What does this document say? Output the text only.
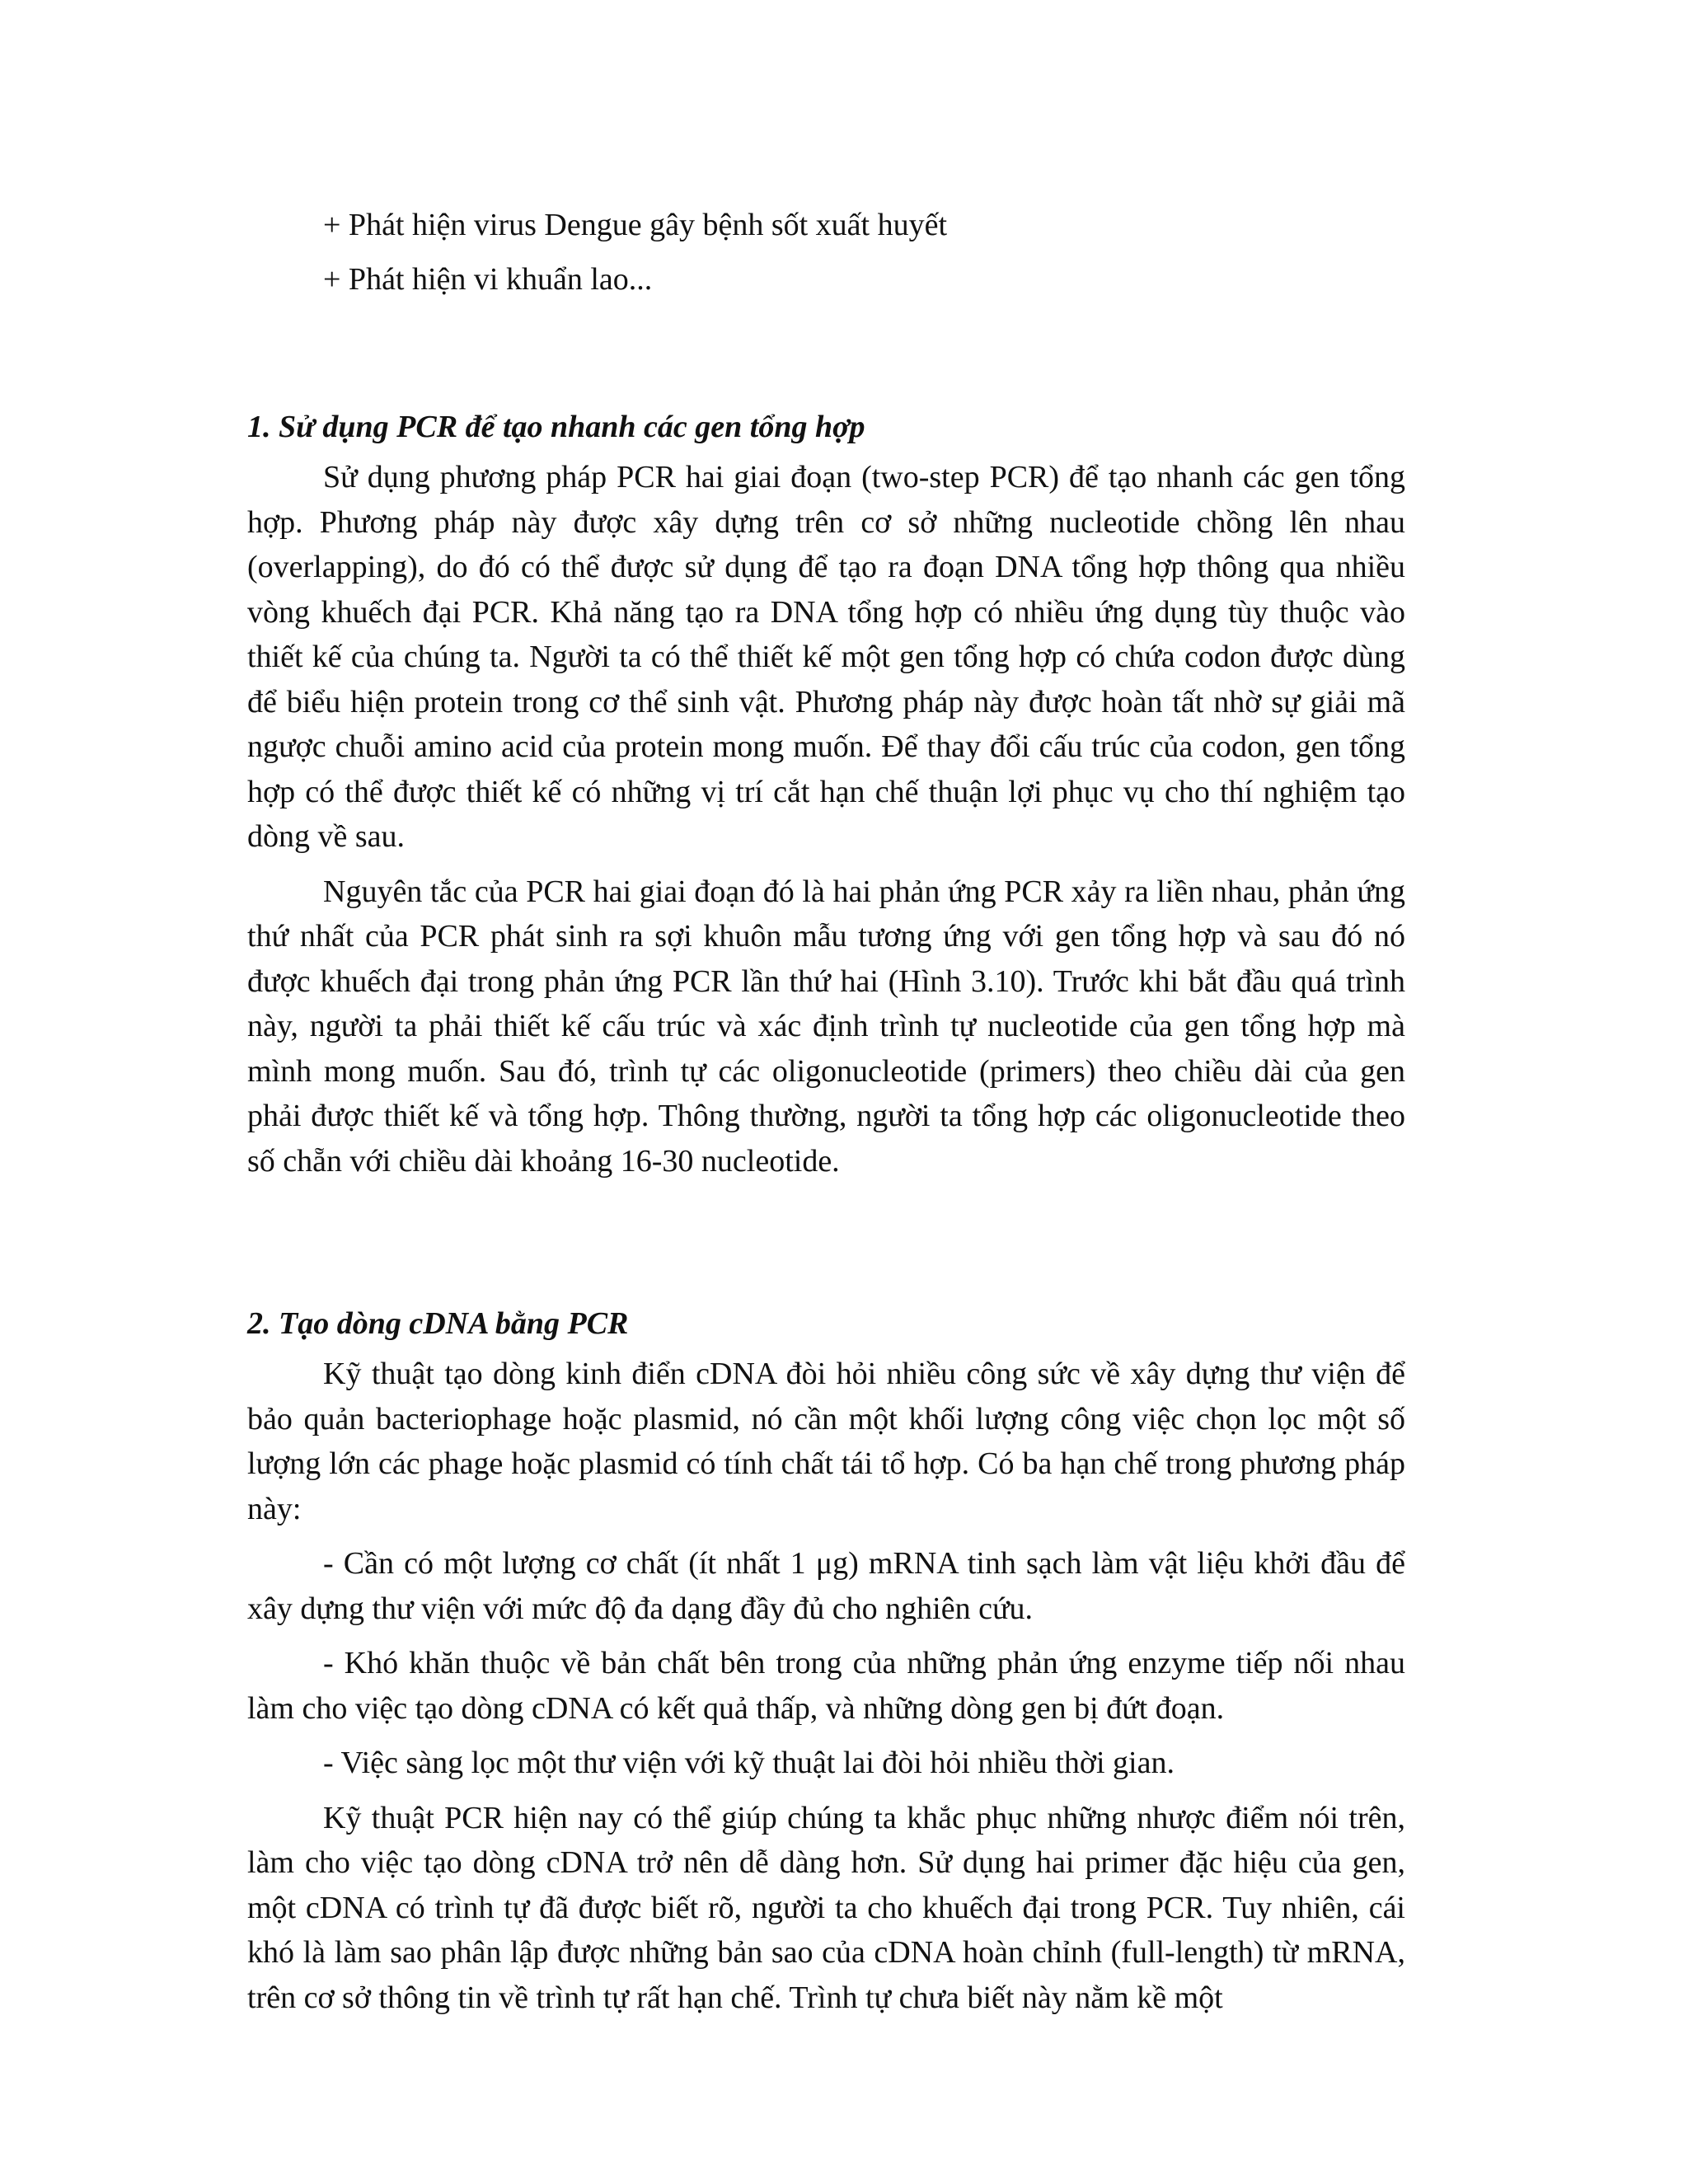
+ Phát hiện virus Dengue gây bệnh sốt xuất huyết

+ Phát hiện vi khuẩn lao...

1. Sử dụng PCR để tạo nhanh các gen tổng hợp

Sử dụng phương pháp PCR hai giai đoạn (two-step PCR) để tạo nhanh các gen tổng hợp. Phương pháp này được xây dựng trên cơ sở những nucleotide chồng lên nhau (overlapping), do đó có thể được sử dụng để tạo ra đoạn DNA tổng hợp thông qua nhiều vòng khuếch đại PCR. Khả năng tạo ra DNA tổng hợp có nhiều ứng dụng tùy thuộc vào thiết kế của chúng ta. Người ta có thể thiết kế một gen tổng hợp có chứa codon được dùng để biểu hiện protein trong cơ thể sinh vật. Phương pháp này được hoàn tất nhờ sự giải mã ngược chuỗi amino acid của protein mong muốn. Để thay đổi cấu trúc của codon, gen tổng hợp có thể được thiết kế có những vị trí cắt hạn chế thuận lợi phục vụ cho thí nghiệm tạo dòng về sau.

Nguyên tắc của PCR hai giai đoạn đó là hai phản ứng PCR xảy ra liền nhau, phản ứng thứ nhất của PCR phát sinh ra sợi khuôn mẫu tương ứng với gen tổng hợp và sau đó nó được khuếch đại trong phản ứng PCR lần thứ hai (Hình 3.10). Trước khi bắt đầu quá trình này, người ta phải thiết kế cấu trúc và xác định trình tự nucleotide của gen tổng hợp mà mình mong muốn. Sau đó, trình tự các oligonucleotide (primers) theo chiều dài của gen phải được thiết kế và tổng hợp. Thông thường, người ta tổng hợp các oligonucleotide theo số chẵn với chiều dài khoảng 16-30 nucleotide.

2. Tạo dòng cDNA bằng PCR

Kỹ thuật tạo dòng kinh điển cDNA đòi hỏi nhiều công sức về xây dựng thư viện để bảo quản bacteriophage hoặc plasmid, nó cần một khối lượng công việc chọn lọc một số lượng lớn các phage hoặc plasmid có tính chất tái tổ hợp. Có ba hạn chế trong phương pháp này:

- Cần có một lượng cơ chất (ít nhất 1 μg) mRNA tinh sạch làm vật liệu khởi đầu để xây dựng thư viện với mức độ đa dạng đầy đủ cho nghiên cứu.

- Khó khăn thuộc về bản chất bên trong của những phản ứng enzyme tiếp nối nhau làm cho việc tạo dòng cDNA có kết quả thấp, và những dòng gen bị đứt đoạn.

- Việc sàng lọc một thư viện với kỹ thuật lai đòi hỏi nhiều thời gian.

Kỹ thuật PCR hiện nay có thể giúp chúng ta khắc phục những nhược điểm nói trên, làm cho việc tạo dòng cDNA trở nên dễ dàng hơn. Sử dụng hai primer đặc hiệu của gen, một cDNA có trình tự đã được biết rõ, người ta cho khuếch đại trong PCR. Tuy nhiên, cái khó là làm sao phân lập được những bản sao của cDNA hoàn chỉnh (full-length) từ mRNA, trên cơ sở thông tin về trình tự rất hạn chế. Trình tự chưa biết này nằm kề một
